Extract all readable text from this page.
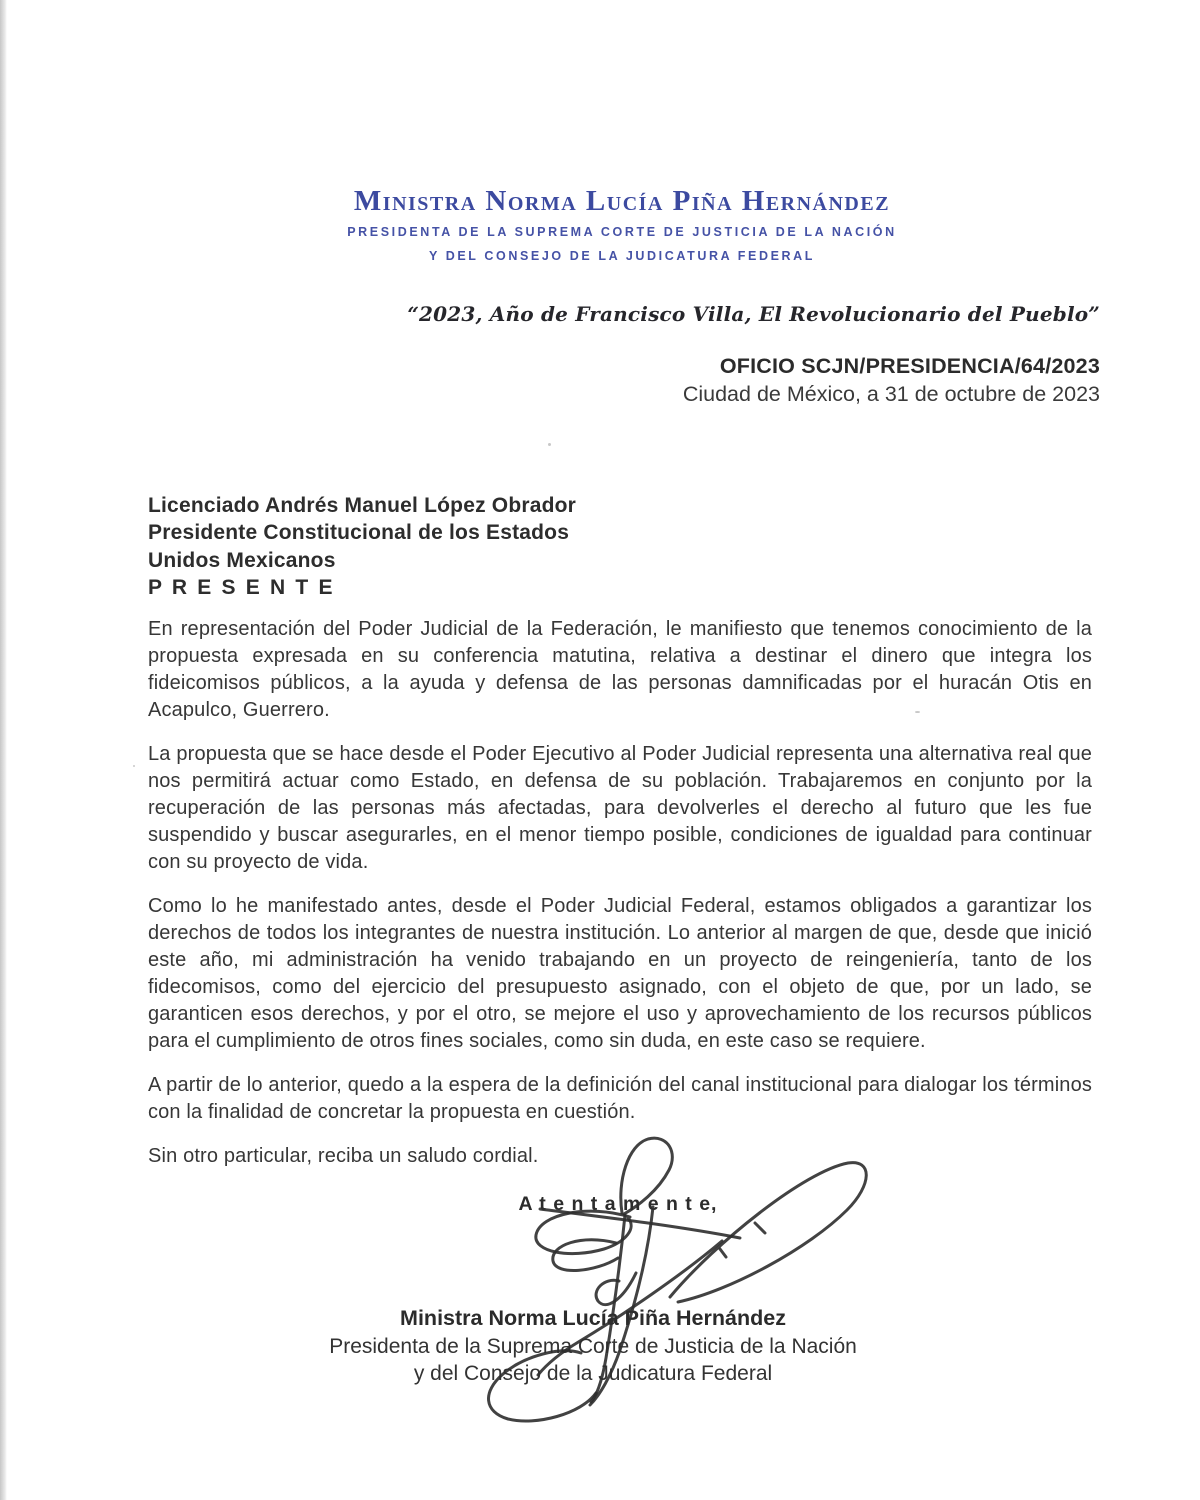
Ministra Norma Lucía Piña Hernández
PRESIDENTA DE LA SUPREMA CORTE DE JUSTICIA DE LA NACIÓN
Y DEL CONSEJO DE LA JUDICATURA FEDERAL
“2023, Año de Francisco Villa, El Revolucionario del Pueblo”
OFICIO SCJN/PRESIDENCIA/64/2023
Ciudad de México, a 31 de octubre de 2023
Licenciado Andrés Manuel López Obrador
Presidente Constitucional de los Estados
Unidos Mexicanos
P R E S E N T E

En representación del Poder Judicial de la Federación, le manifiesto que tenemos conocimiento de la propuesta expresada en su conferencia matutina, relativa a destinar el dinero que integra los fideicomisos públicos, a la ayuda y defensa de las personas damnificadas por el huracán Otis en Acapulco, Guerrero.

La propuesta que se hace desde el Poder Ejecutivo al Poder Judicial representa una alternativa real que nos permitirá actuar como Estado, en defensa de su población. Trabajaremos en conjunto por la recuperación de las personas más afectadas, para devolverles el derecho al futuro que les fue suspendido y buscar asegurarles, en el menor tiempo posible, condiciones de igualdad para continuar con su proyecto de vida.

Como lo he manifestado antes, desde el Poder Judicial Federal, estamos obligados a garantizar los derechos de todos los integrantes de nuestra institución. Lo anterior al margen de que, desde que inició este año, mi administración ha venido trabajando en un proyecto de reingeniería, tanto de los fidecomisos, como del ejercicio del presupuesto asignado, con el objeto de que, por un lado, se garanticen esos derechos, y por el otro, se mejore el uso y aprovechamiento de los recursos públicos para el cumplimiento de otros fines sociales, como sin duda, en este caso se requiere.

A partir de lo anterior, quedo a la espera de la definición del canal institucional para dialogar los términos con la finalidad de concretar la propuesta en cuestión.

Sin otro particular, reciba un saludo cordial.

A t e n t a m e n t e,
Ministra Norma Lucía Piña Hernández
Presidenta de la Suprema Corte de Justicia de la Nación
y del Consejo de la Judicatura Federal
